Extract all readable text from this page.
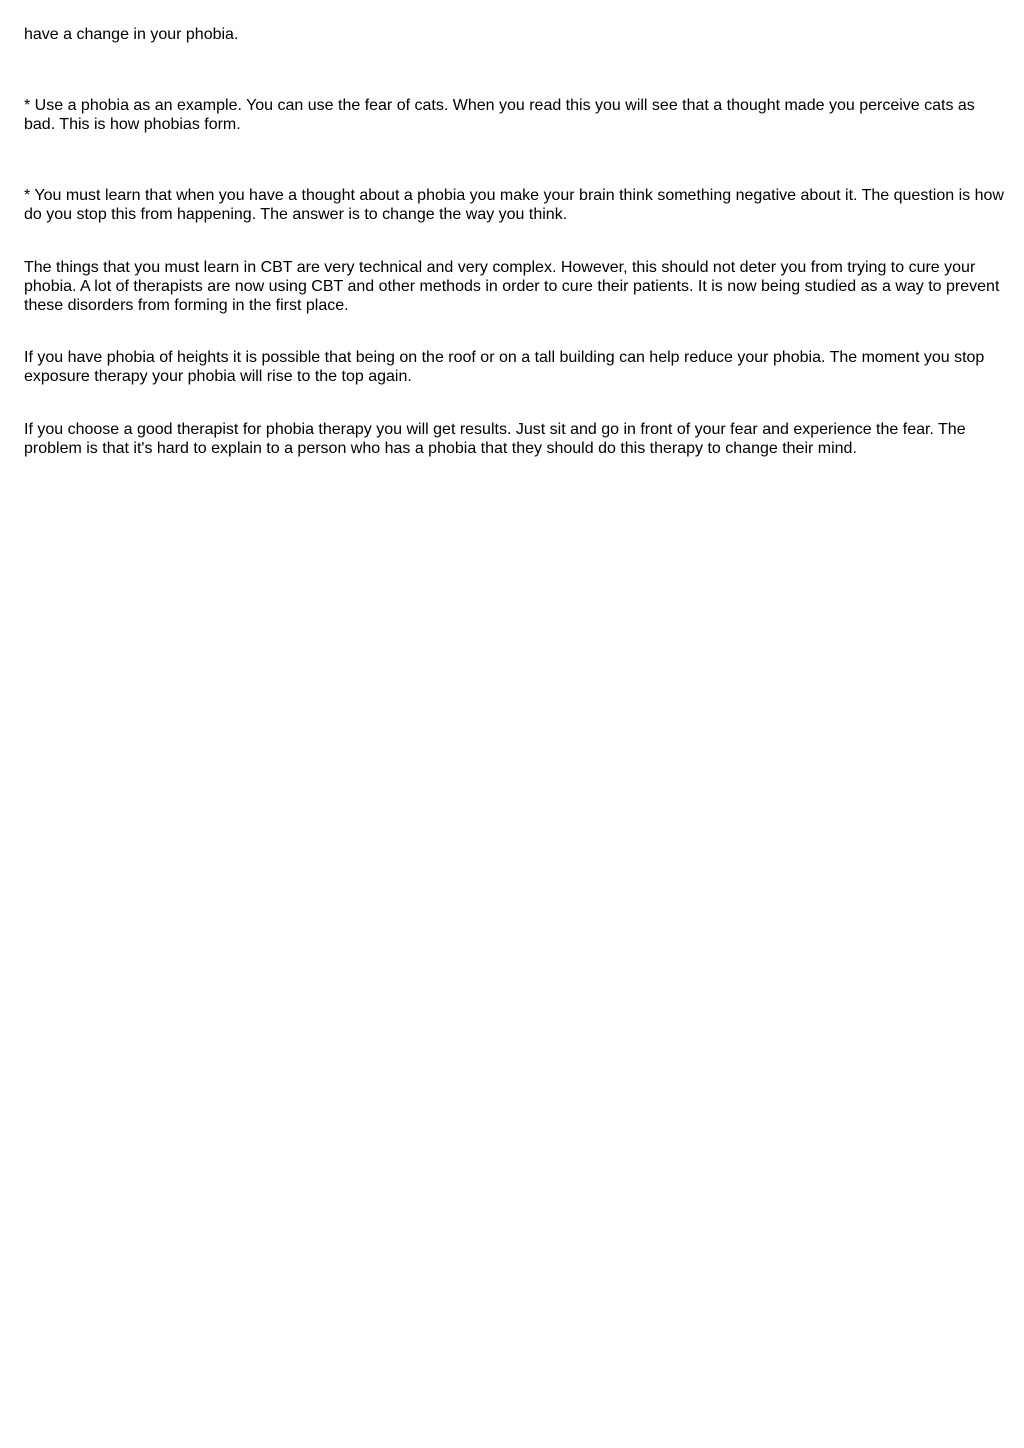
have a change in your phobia.

* Use a phobia as an example. You can use the fear of cats. When you read this you will see that a thought made you perceive cats as bad. This is how phobias form.

* You must learn that when you have a thought about a phobia you make your brain think something negative about it. The question is how do you stop this from happening. The answer is to change the way you think.

The things that you must learn in CBT are very technical and very complex. However, this should not deter you from trying to cure your phobia. A lot of therapists are now using CBT and other methods in order to cure their patients. It is now being studied as a way to prevent these disorders from forming in the first place.

If you have phobia of heights it is possible that being on the roof or on a tall building can help reduce your phobia. The moment you stop exposure therapy your phobia will rise to the top again.

If you choose a good therapist for phobia therapy you will get results. Just sit and go in front of your fear and experience the fear. The problem is that it's hard to explain to a person who has a phobia that they should do this therapy to change their mind.
